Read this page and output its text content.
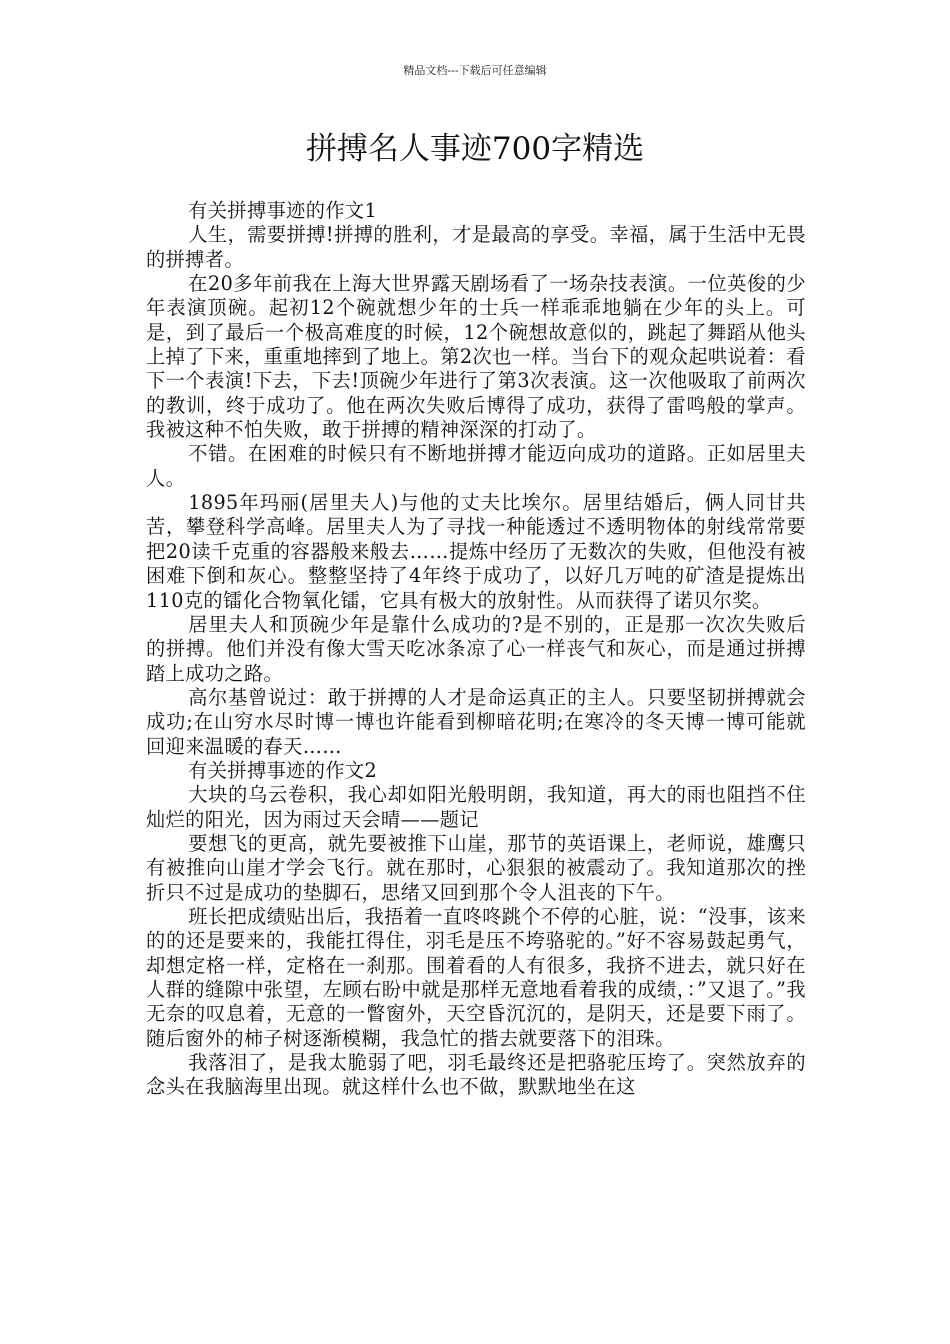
精品文档---下载后可任意编辑
拼搏名人事迹700字精选

有关拼搏事迹的作文1

人生，需要拼搏!拼搏的胜利，才是最高的享受。幸福，属于生活中无畏的拼搏者。

在20多年前我在上海大世界露天剧场看了一场杂技表演。一位英俊的少年表演顶碗。起初12个碗就想少年的士兵一样乖乖地躺在少年的头上。可是，到了最后一个极高难度的时候，12个碗想故意似的，跳起了舞蹈从他头上掉了下来，重重地摔到了地上。第2次也一样。当台下的观众起哄说着：看下一个表演!下去，下去!顶碗少年进行了第3次表演。这一次他吸取了前两次的教训，终于成功了。他在两次失败后博得了成功，获得了雷鸣般的掌声。我被这种不怕失败，敢于拼搏的精神深深的打动了。

不错。在困难的时候只有不断地拼搏才能迈向成功的道路。正如居里夫人。

1895年玛丽(居里夫人)与他的丈夫比埃尔。居里结婚后，俩人同甘共苦，攀登科学高峰。居里夫人为了寻找一种能透过不透明物体的射线常常要把20读千克重的容器般来般去……提炼中经历了无数次的失败，但他没有被困难下倒和灰心。整整坚持了4年终于成功了，以好几万吨的矿渣是提炼出110克的镭化合物氧化镭，它具有极大的放射性。从而获得了诺贝尔奖。

居里夫人和顶碗少年是靠什么成功的?是不别的，正是那一次次失败后的拼搏。他们并没有像大雪天吃冰条凉了心一样丧气和灰心，而是通过拼搏踏上成功之路。

高尔基曾说过：敢于拼搏的人才是命运真正的主人。只要坚韧拼搏就会成功;在山穷水尽时博一博也许能看到柳暗花明;在寒冷的冬天博一博可能就回迎来温暖的春天……

有关拼搏事迹的作文2

大块的乌云卷积，我心却如阳光般明朗，我知道，再大的雨也阻挡不住灿烂的阳光，因为雨过天会晴——题记

要想飞的更高，就先要被推下山崖，那节的英语课上，老师说，雄鹰只有被推向山崖才学会飞行。就在那时，心狠狠的被震动了。我知道那次的挫折只不过是成功的垫脚石，思绪又回到那个令人沮丧的下午。

班长把成绩贴出后，我捂着一直咚咚跳个不停的心脏，说：“没事，该来的的还是要来的，我能扛得住，羽毛是压不垮骆驼的。”好不容易鼓起勇气，却想定格一样，定格在一刹那。围着看的人有很多，我挤不进去，就只好在人群的缝隙中张望，左顾右盼中就是那样无意地看着我的成绩，：”又退了。”我无奈的叹息着，无意的一瞥窗外，天空昏沉沉的，是阴天，还是要下雨了。随后窗外的柿子树逐渐模糊，我急忙的揩去就要落下的泪珠。

我落泪了，是我太脆弱了吧，羽毛最终还是把骆驼压垮了。突然放弃的念头在我脑海里出现。就这样什么也不做，默默地坐在这
